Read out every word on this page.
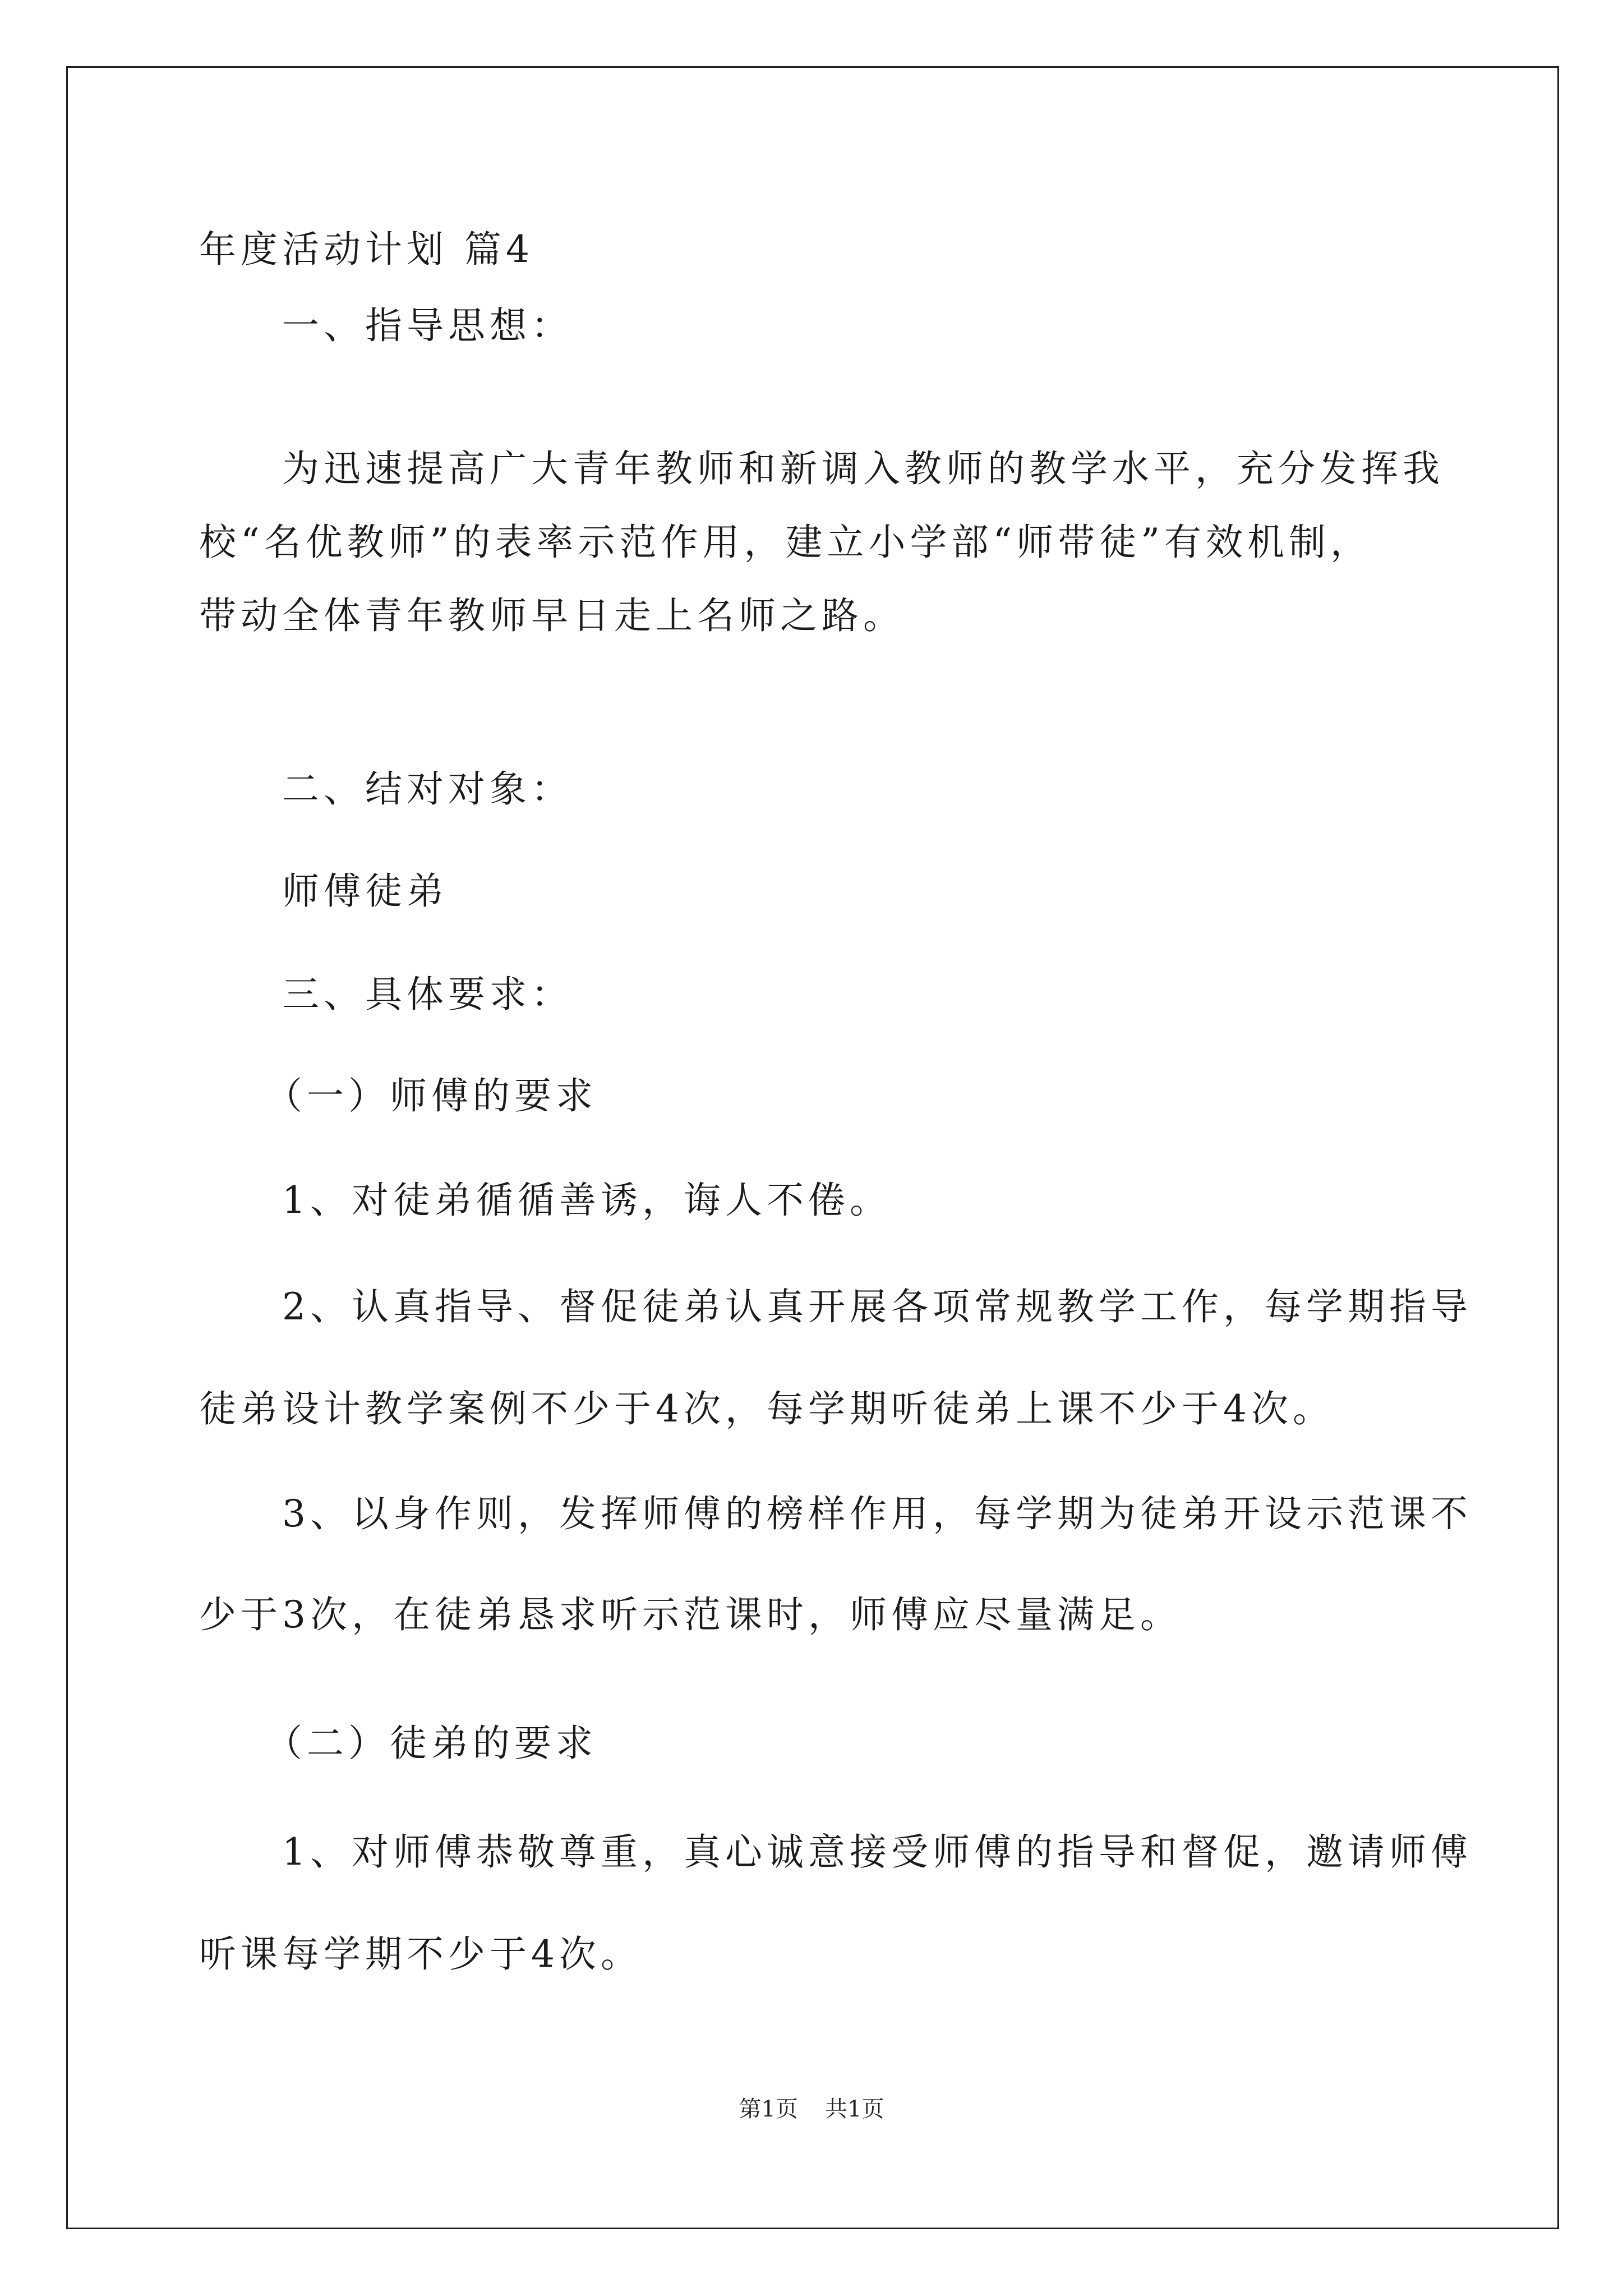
年度活动计划 篇4
一、指导思想：
为迅速提高广大青年教师和新调入教师的教学水平，充分发挥我
校“名优教师”的表率示范作用，建立小学部“师带徒”有效机制，
带动全体青年教师早日走上名师之路。
二、结对对象：
师傅徒弟
三、具体要求：
（一）师傅的要求
1、对徒弟循循善诱，诲人不倦。
2、认真指导、督促徒弟认真开展各项常规教学工作，每学期指导
徒弟设计教学案例不少于4次，每学期听徒弟上课不少于4次。
3、以身作则，发挥师傅的榜样作用，每学期为徒弟开设示范课不
少于3次，在徒弟恳求听示范课时，师傅应尽量满足。
（二）徒弟的要求
1、对师傅恭敬尊重，真心诚意接受师傅的指导和督促，邀请师傅
听课每学期不少于4次。
第1页 共1页
